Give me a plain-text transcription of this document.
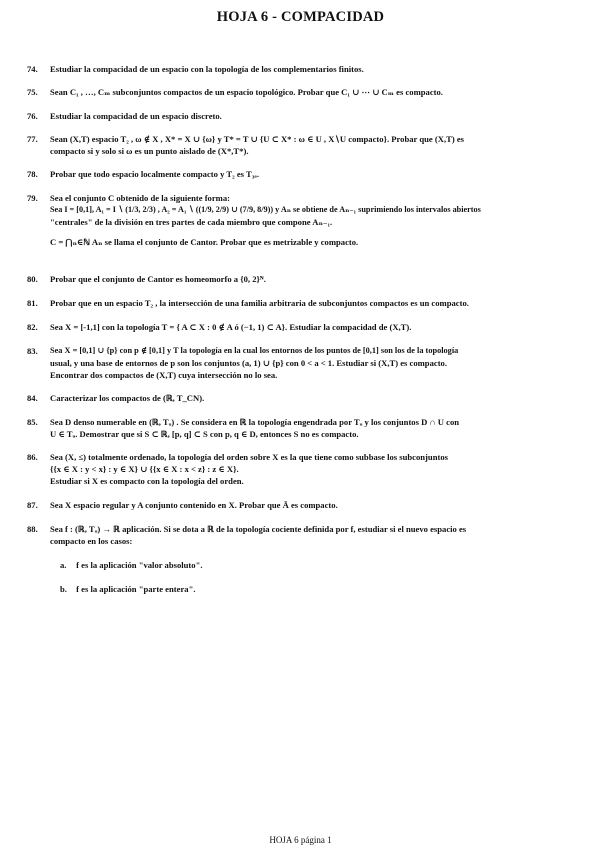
HOJA 6 - COMPACIDAD
74.	Estudiar la compacidad de un espacio con la topología de los complementarios finitos.
75.	Sean C₁ , …, Cₘ subconjuntos compactos de un espacio topológico. Probar que C₁ ∪ ⋯ ∪ Cₘ es compacto.
76.	Estudiar la compacidad de un espacio discreto.
77.	Sean (X,T) espacio T₂ , ω ∉ X , X* = X ∪ {ω} y T* = T ∪ {U ⊂ X* : ω ∈ U , X∖U compacto}. Probar que (X,T) es
compacto si y solo si ω es un punto aislado de (X*,T*).
78.	Probar que todo espacio localmente compacto y T₂ es T₃ₐ.
79.	Sea el conjunto C obtenido de la siguiente forma:
Sea I = [0,1], A₁ = I ∖ (1/3, 2/3) , A₂ = A₁ ∖ ((1/9, 2/9) ∪ (7/9, 8/9)) y Aₙ se obtiene de Aₙ₋₁ suprimiendo los intervalos abiertos
"centrales" de la división en tres partes de cada miembro que compone Aₙ₋₁.
C = ⋂ₙ∈ℕ Aₙ se llama el conjunto de Cantor. Probar que es metrizable y compacto.
80.	Probar que el conjunto de Cantor es homeomorfo a {0, 2}ᴺ.
81.	Probar que en un espacio T₂ , la intersección de una familia arbitraria de subconjuntos compactos es un compacto.
82.	Sea X = [-1,1] con la topología T = { A ⊂ X : 0 ∉ A ó (−1, 1) ⊂ A}. Estudiar la compacidad de (X,T).
83.	Sea X = [0,1] ∪ {p} con p ∉ [0,1] y T la topología en la cual los entornos de los puntos de [0,1] son los de la topología
usual, y una base de entornos de p son los conjuntos (a, 1) ∪ {p} con 0 < a < 1. Estudiar si (X,T) es compacto.
Encontrar dos compactos de (X,T) cuya intersección no lo sea.
84.	Caracterizar los compactos de (ℝ, T_CN).
85.	Sea D denso numerable en (ℝ, Tᵤ) . Se considera en ℝ la topología engendrada por Tᵤ y los conjuntos D ∩ U con
U ∈ Tᵤ. Demostrar que si S ⊂ ℝ, [p, q] ⊂ S con p, q ∈ D, entonces S no es compacto.
86.	Sea (X, ≤) totalmente ordenado, la topología del orden sobre X es la que tiene como subbase los subconjuntos
{{x ∈ X : y < x} : y ∈ X} ∪ {{x ∈ X : x < z} : z ∈ X}.
Estudiar si X es compacto con la topología del orden.
87.	Sea X espacio regular y A conjunto contenido en X. Probar que Ā es compacto.
88.	Sea f : (ℝ, Tᵤ) → ℝ aplicación. Si se dota a ℝ de la topología cociente definida por f, estudiar si el nuevo espacio es
compacto en los casos:
a. f es la aplicación "valor absoluto".
b. f es la aplicación "parte entera".
HOJA 6 página 1
